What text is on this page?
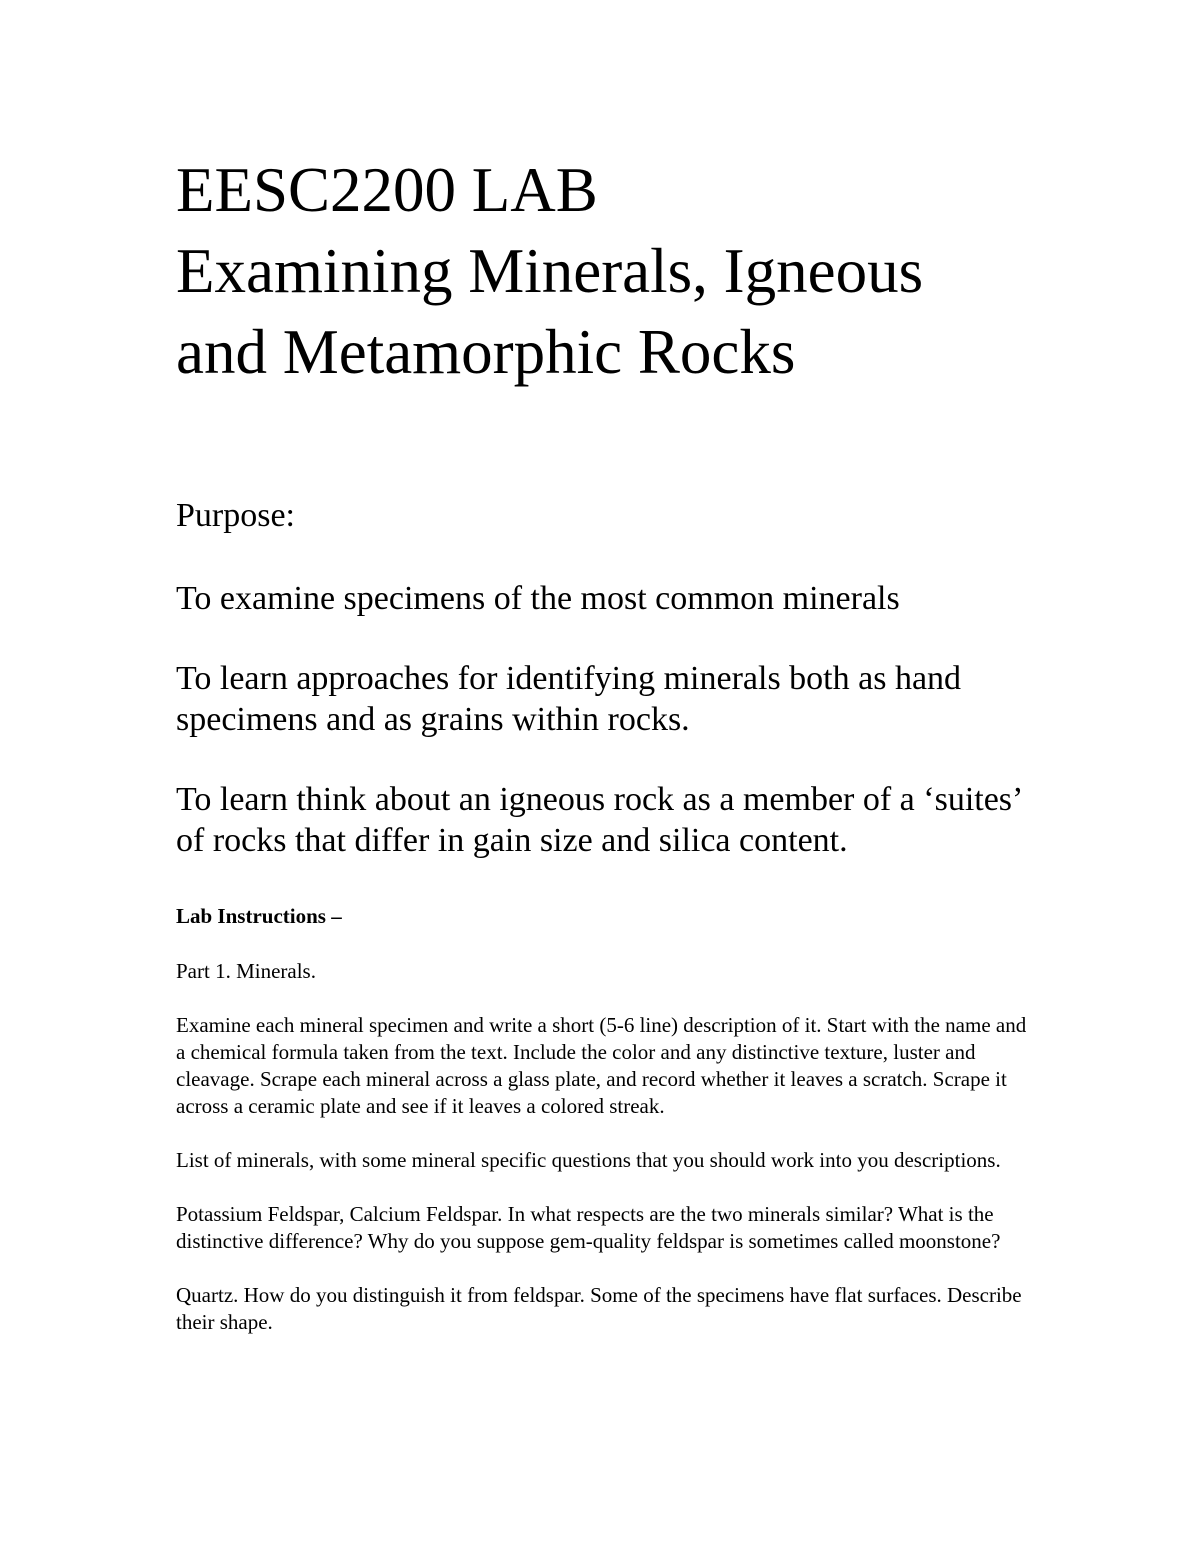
EESC2200 LAB
Examining Minerals, Igneous
and Metamorphic Rocks

Purpose:

To examine specimens of the most common minerals

To learn approaches for identifying minerals both as hand specimens and as grains within rocks.

To learn think about an igneous rock as a member of a ‘suites’ of rocks that differ in gain size and silica content.

Lab Instructions –

Part 1. Minerals.

Examine each mineral specimen and write a short (5-6 line) description of it. Start with the name and a chemical formula taken from the text. Include the color and any distinctive texture, luster and cleavage. Scrape each mineral across a glass plate, and record whether it leaves a scratch. Scrape it across a ceramic plate and see if it leaves a colored streak.

List of minerals, with some mineral specific questions that you should work into you descriptions.

Potassium Feldspar, Calcium Feldspar. In what respects are the two minerals similar? What is the distinctive difference? Why do you suppose gem-quality feldspar is sometimes called moonstone?

Quartz. How do you distinguish it from feldspar. Some of the specimens have flat surfaces. Describe their shape.
